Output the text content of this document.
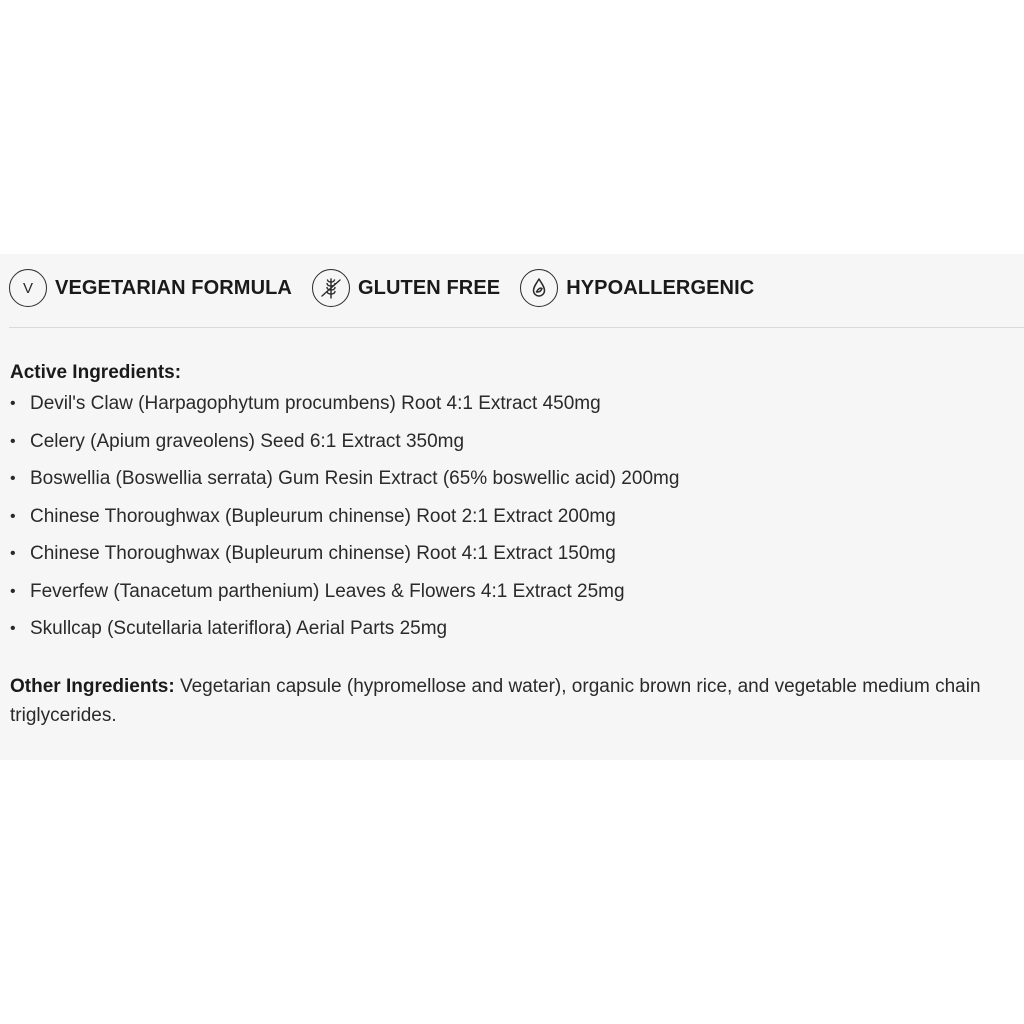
V VEGETARIAN FORMULA	GLUTEN FREE	HYPOALLERGENIC
Active Ingredients:
• Devil's Claw (Harpagophytum procumbens) Root 4:1 Extract 450mg
• Celery (Apium graveolens) Seed 6:1 Extract 350mg
• Boswellia (Boswellia serrata) Gum Resin Extract (65% boswellic acid) 200mg
• Chinese Thoroughwax (Bupleurum chinense) Root 2:1 Extract 200mg
• Chinese Thoroughwax (Bupleurum chinense) Root 4:1 Extract 150mg
• Feverfew (Tanacetum parthenium) Leaves & Flowers 4:1 Extract 25mg
• Skullcap (Scutellaria lateriflora) Aerial Parts 25mg
Other Ingredients: Vegetarian capsule (hypromellose and water), organic brown rice, and vegetable medium chain triglycerides.
